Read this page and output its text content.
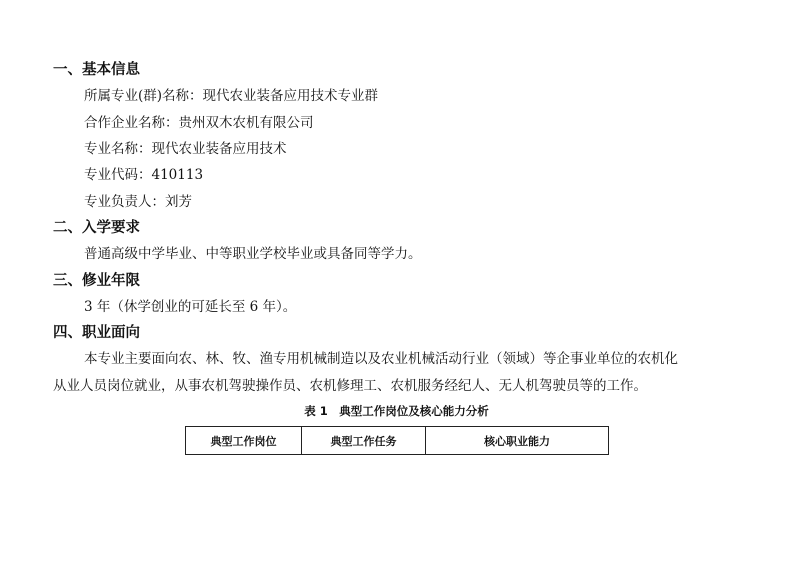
一、基本信息
所属专业(群)名称：现代农业装备应用技术专业群
合作企业名称：贵州双木农机有限公司
专业名称：现代农业装备应用技术
专业代码：410113
专业负责人：刘芳
二、入学要求
普通高级中学毕业、中等职业学校毕业或具备同等学力。
三、修业年限
3 年（休学创业的可延长至 6 年）。
四、职业面向
本专业主要面向农、林、牧、渔专用机械制造以及农业机械活动行业（领域）等企事业单位的农机化
从业人员岗位就业，从事农机驾驶操作员、农机修理工、农机服务经纪人、无人机驾驶员等的工作。
表 1　典型工作岗位及核心能力分析
典型工作岗位	典型工作任务	核心职业能力
